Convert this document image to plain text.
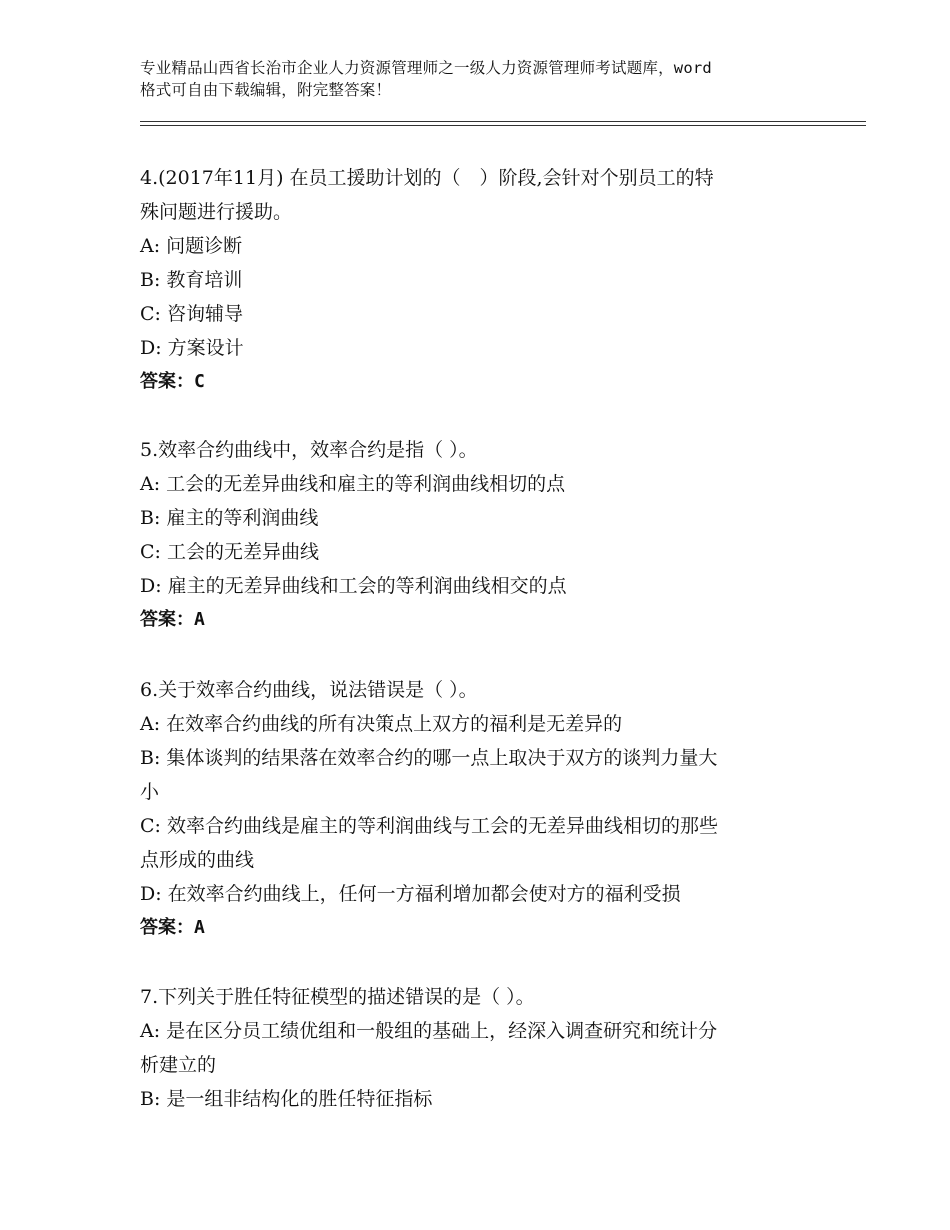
专业精品山西省长治市企业人力资源管理师之一级人力资源管理师考试题库，word
格式可自由下载编辑，附完整答案！
4.(2017年11月) 在员工援助计划的（　）阶段,会针对个别员工的特
殊问题进行援助。
A: 问题诊断
B: 教育培训
C: 咨询辅导
D: 方案设计
答案：C
5.效率合约曲线中，效率合约是指（ ）。
A: 工会的无差异曲线和雇主的等利润曲线相切的点
B: 雇主的等利润曲线
C: 工会的无差异曲线
D: 雇主的无差异曲线和工会的等利润曲线相交的点
答案：A
6.关于效率合约曲线，说法错误是（ ）。
A: 在效率合约曲线的所有决策点上双方的福利是无差异的
B: 集体谈判的结果落在效率合约的哪一点上取决于双方的谈判力量大
小
C: 效率合约曲线是雇主的等利润曲线与工会的无差异曲线相切的那些
点形成的曲线
D: 在效率合约曲线上，任何一方福利增加都会使对方的福利受损
答案：A
7.下列关于胜任特征模型的描述错误的是（ ）。
A: 是在区分员工绩优组和一般组的基础上，经深入调查研究和统计分
析建立的
B: 是一组非结构化的胜任特征指标
